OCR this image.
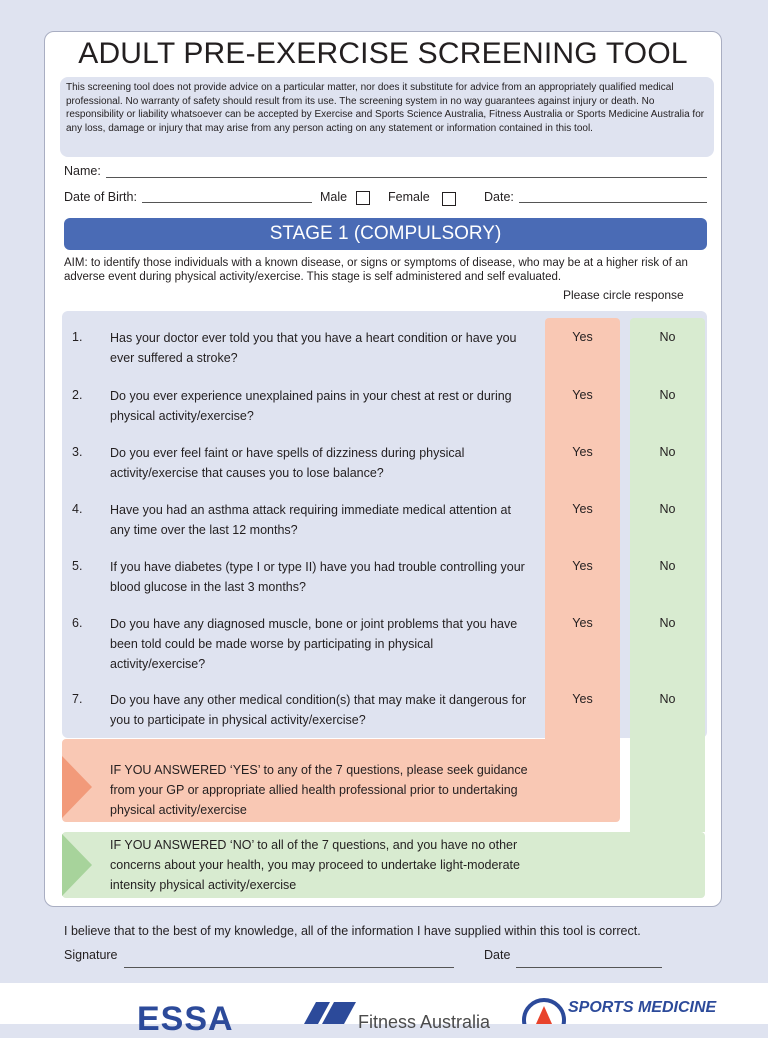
ADULT PRE-EXERCISE SCREENING TOOL
This screening tool does not provide advice on a particular matter, nor does it substitute for advice from an appropriately qualified medical professional. No warranty of safety should result from its use. The screening system in no way guarantees against injury or death. No responsibility or liability whatsoever can be accepted by Exercise and Sports Science Australia, Fitness Australia or Sports Medicine Australia for any loss, damage or injury that may arise from any person acting on any statement or information contained in this tool.
Name:
Date of Birth:	Male	Female	Date:
STAGE 1 (COMPULSORY)
AIM: to identify those individuals with a known disease, or signs or symptoms of disease, who may be at a higher risk of an adverse event during physical activity/exercise. This stage is self administered and self evaluated.
Please circle response
1. Has your doctor ever told you that you have a heart condition or have you ever suffered a stroke?
Yes	No
2. Do you ever experience unexplained pains in your chest at rest or during physical activity/exercise?
Yes	No
3. Do you ever feel faint or have spells of dizziness during physical activity/exercise that causes you to lose balance?
Yes	No
4. Have you had an asthma attack requiring immediate medical attention at any time over the last 12 months?
Yes	No
5. If you have diabetes (type I or type II) have you had trouble controlling your blood glucose in the last 3 months?
Yes	No
6. Do you have any diagnosed muscle, bone or joint problems that you have been told could be made worse by participating in physical activity/exercise?
Yes	No
7. Do you have any other medical condition(s) that may make it dangerous for you to participate in physical activity/exercise?
Yes	No
IF YOU ANSWERED ‘YES’ to any of the 7 questions, please seek guidance from your GP or appropriate allied health professional prior to undertaking physical activity/exercise
IF YOU ANSWERED ‘NO’ to all of the 7 questions, and you have no other concerns about your health, you may proceed to undertake light-moderate intensity physical activity/exercise
I believe that to the best of my knowledge, all of the information I have supplied within this tool is correct.
Signature	Date
ESSA	Fitness Australia
SPORTS MEDICINE
